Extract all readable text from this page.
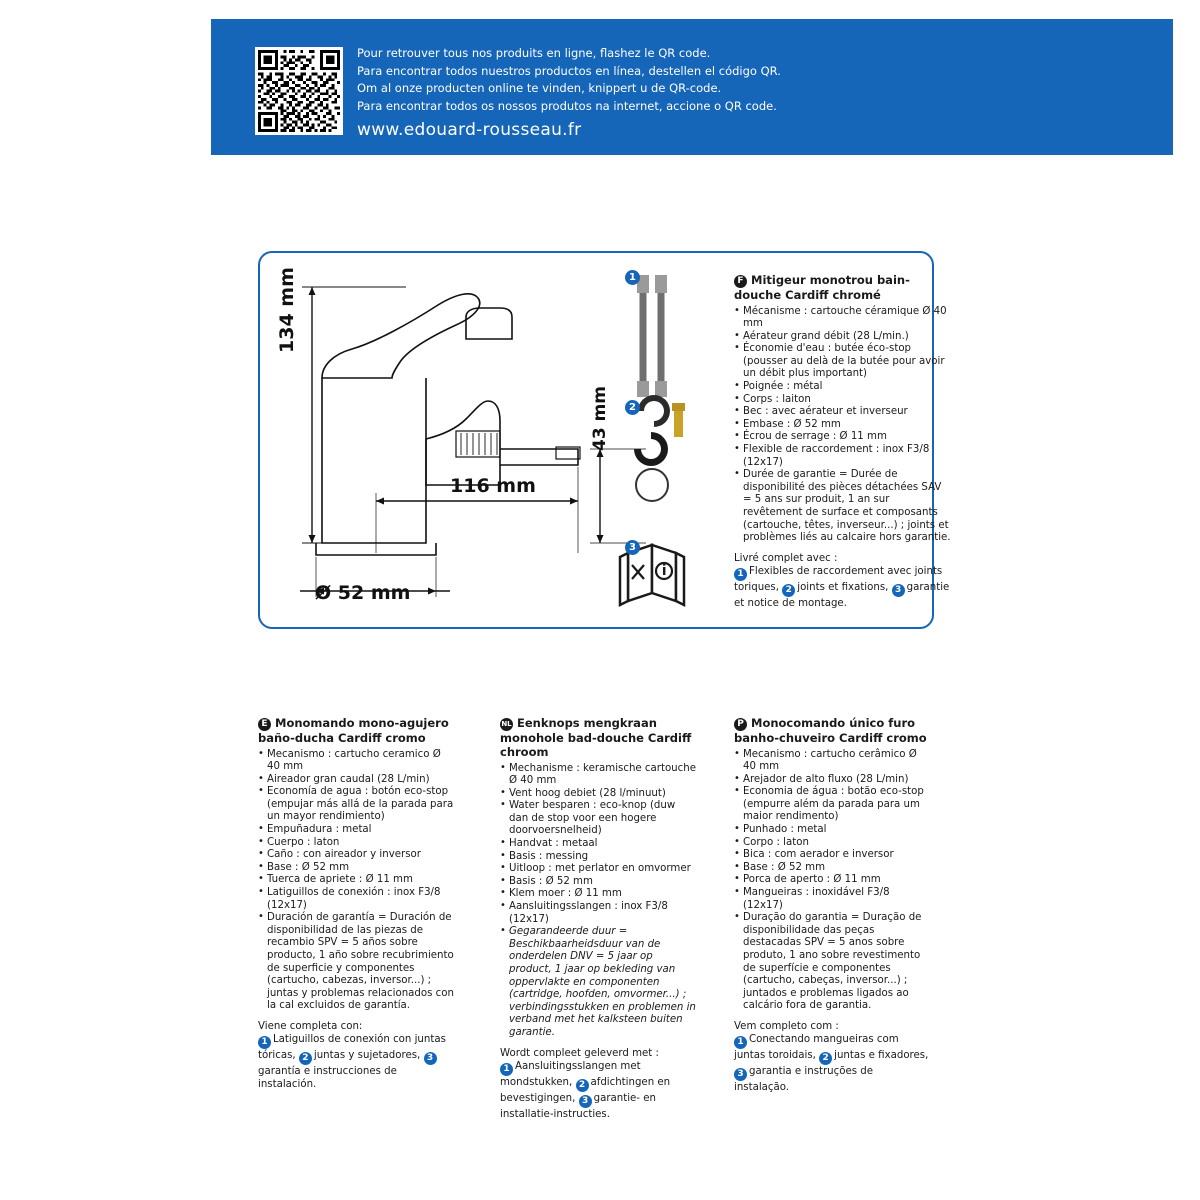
Pour retrouver tous nos produits en ligne, flashez le QR code.
Para encontrar todos nuestros productos en línea, destellen el código QR.
Om al onze producten online te vinden, knippert u de QR-code.
Para encontrar todos os nossos produtos na internet, accione o QR code.
www.edouard-rousseau.fr
134 mm
116 mm
43 mm
Ø 52 mm
1
2
3
F Mitigeur monotrou bain-douche Cardiff chromé
• Mécanisme : cartouche céramique Ø 40 mm
• Aérateur grand débit (28 L/min.)
• Économie d'eau : butée éco-stop (pousser au delà de la butée pour avoir un débit plus important)
• Poignée : métal
• Corps : laiton
• Bec : avec aérateur et inverseur
• Embase : Ø 52 mm
• Écrou de serrage : Ø 11 mm
• Flexible de raccordement : inox F3/8 (12x17)
• Durée de garantie = Durée de disponibilité des pièces détachées SAV = 5 ans sur produit, 1 an sur revêtement de surface et composants (cartouche, têtes, inverseur...) ; joints et problèmes liés au calcaire hors garantie.
Livré complet avec :
1 Flexibles de raccordement avec joints toriques, 2 joints et fixations, 3 garantie et notice de montage.
E Monomando mono-agujero baño-ducha Cardiff cromo
• Mecanismo : cartucho ceramico Ø 40 mm
• Aireador gran caudal (28 L/min)
• Economía de agua : botón eco-stop (empujar más allá de la parada para un mayor rendimiento)
• Empuñadura : metal
• Cuerpo : laton
• Caño : con aireador y inversor
• Base : Ø 52 mm
• Tuerca de apriete : Ø 11 mm
• Latiguillos de conexión : inox F3/8 (12x17)
• Duración de garantía = Duración de disponibilidad de las piezas de recambio SPV = 5 años sobre producto, 1 año sobre recubrimiento de superficie y componentes (cartucho, cabezas, inversor...) ; juntas y problemas relacionados con la cal excluidos de garantía.
Viene completa con:
1 Latiguillos de conexión con juntas tóricas, 2 juntas y sujetadores, 3garantía e instrucciones de instalación.
NL Eenknops mengkraan monohole bad-douche Cardiff chroom
• Mechanisme : keramische cartouche Ø 40 mm
• Vent hoog debiet (28 l/minuut)
• Water besparen : eco-knop (duw dan de stop voor een hogere doorvoersnelheid)
• Handvat : metaal
• Basis : messing
• Uitloop : met perlator en omvormer
• Basis : Ø 52 mm
• Klem moer : Ø 11 mm
• Aansluitingsslangen : inox F3/8 (12x17)
• Gegarandeerde duur = Beschikbaarheidsduur van de onderdelen DNV = 5 jaar op product, 1 jaar op bekleding van oppervlakte en componenten (cartridge, hoofden, omvormer...) ; verbindingsstukken en problemen in verband met het kalksteen buiten garantie.
Wordt compleet geleverd met :
1 Aansluitingsslangen met mondstukken, 2 afdichtingen en bevestigingen, 3 garantie- en installatie-instructies.
P Monocomando único furo banho-chuveiro Cardiff cromo
• Mecanismo : cartucho cerâmico Ø 40 mm
• Arejador de alto fluxo (28 L/min)
• Economia de água : botão eco-stop (empurre além da parada para um maior rendimento)
• Punhado : metal
• Corpo : laton
• Bica : com aerador e inversor
• Base : Ø 52 mm
• Porca de aperto : Ø 11 mm
• Mangueiras : inoxidável F3/8 (12x17)
• Duração do garantia = Duração de disponibilidade das peças destacadas SPV = 5 anos sobre produto, 1 ano sobre revestimento de superfície e componentes (cartucho, cabeças, inversor...) ; juntados e problemas ligados ao calcário fora de garantia.
Vem completo com :
1 Conectando mangueiras com juntas toroidais, 2 juntas e fixadores, 3 garantia e instruções de instalação.
